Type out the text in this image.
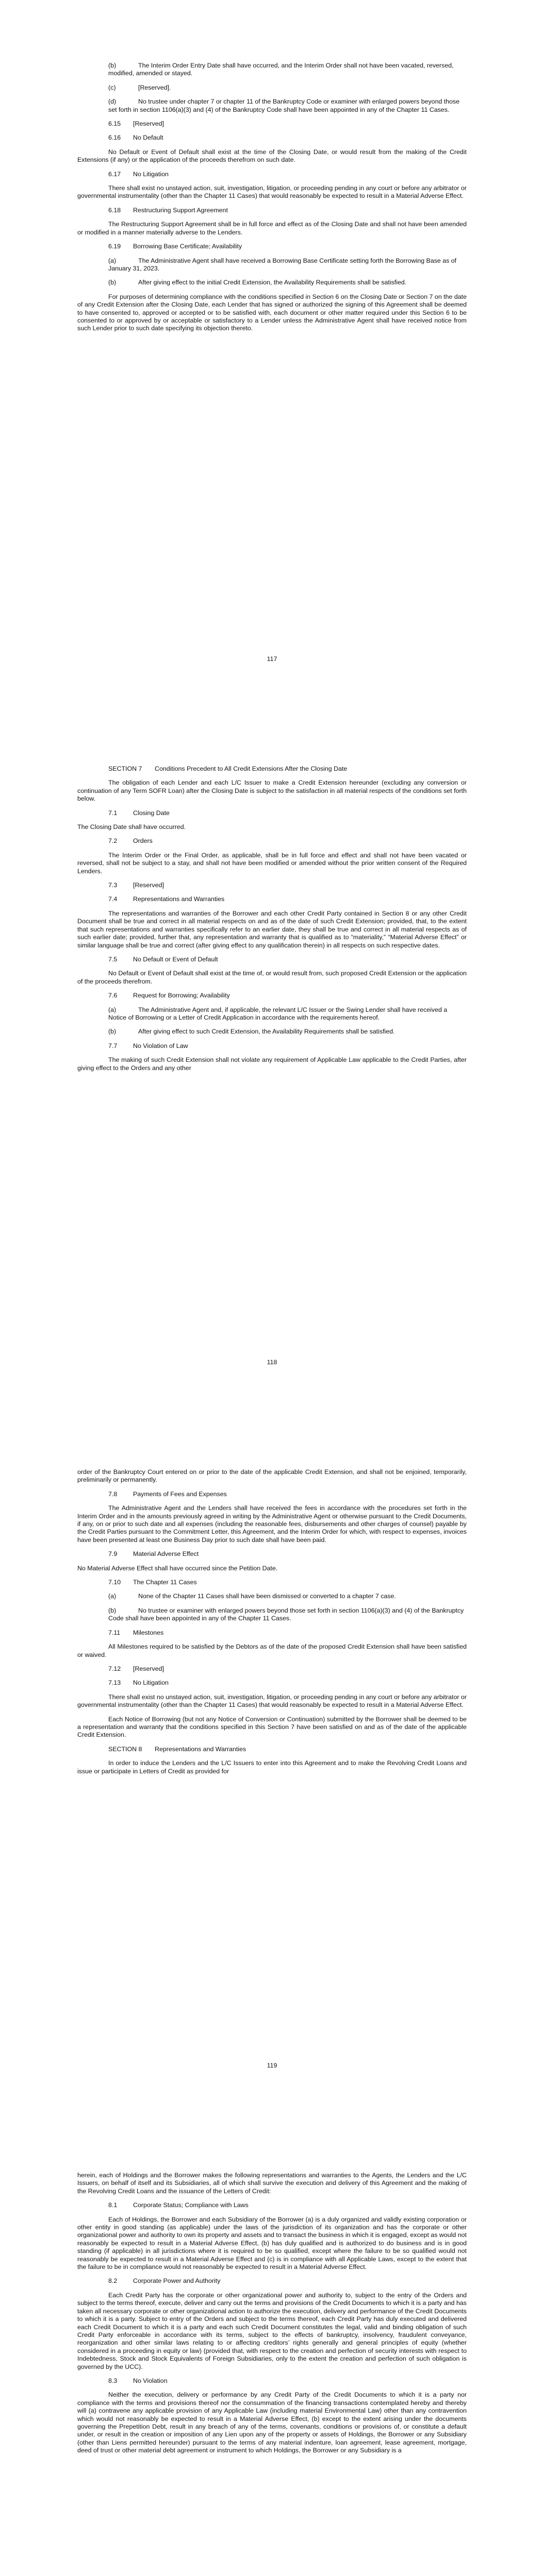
(b)	The Interim Order Entry Date shall have occurred, and the Interim Order shall not have been vacated, reversed, modified, amended or stayed.
(c)	[Reserved].
(d)	No trustee under chapter 7 or chapter 11 of the Bankruptcy Code or examiner with enlarged powers beyond those set forth in section 1106(a)(3) and (4) of the Bankruptcy Code shall have been appointed in any of the Chapter 11 Cases.
6.15 [Reserved]
6.16 No Default

No Default or Event of Default shall exist at the time of the Closing Date, or would result from the making of the Credit Extensions (if any) or the application of the proceeds therefrom on such date.

6.17 No Litigation

There shall exist no unstayed action, suit, investigation, litigation, or proceeding pending in any court or before any arbitrator or governmental instrumentality (other than the Chapter 11 Cases) that would reasonably be expected to result in a Material Adverse Effect.

6.18 Restructuring Support Agreement

The Restructuring Support Agreement shall be in full force and effect as of the Closing Date and shall not have been amended or modified in a manner materially adverse to the Lenders.

6.19 Borrowing Base Certificate; Availability
(a)	The Administrative Agent shall have received a Borrowing Base Certificate setting forth the Borrowing Base as of January 31, 2023.
(b)	After giving effect to the initial Credit Extension, the Availability Requirements shall be satisfied.

For purposes of determining compliance with the conditions specified in Section 6 on the Closing Date or Section 7 on the date of any Credit Extension after the Closing Date, each Lender that has signed or authorized the signing of this Agreement shall be deemed to have consented to, approved or accepted or to be satisfied with, each document or other matter required under this Section 6 to be consented to or approved by or acceptable or satisfactory to a Lender unless the Administrative Agent shall have received notice from such Lender prior to such date specifying its objection thereto.

117
SECTION 7	Conditions Precedent to All Credit Extensions After the Closing Date

The obligation of each Lender and each L/C Issuer to make a Credit Extension hereunder (excluding any conversion or continuation of any Term SOFR Loan) after the Closing Date is subject to the satisfaction in all material respects of the conditions set forth below.

7.1 Closing Date

The Closing Date shall have occurred.

7.2 Orders

The Interim Order or the Final Order, as applicable, shall be in full force and effect and shall not have been vacated or reversed, shall not be subject to a stay, and shall not have been modified or amended without the prior written consent of the Required Lenders.

7.3 [Reserved]
7.4 Representations and Warranties

The representations and warranties of the Borrower and each other Credit Party contained in Section 8 or any other Credit Document shall be true and correct in all material respects on and as of the date of such Credit Extension; provided, that, to the extent that such representations and warranties specifically refer to an earlier date, they shall be true and correct in all material respects as of such earlier date; provided, further that, any representation and warranty that is qualified as to “materiality,” “Material Adverse Effect” or similar language shall be true and correct (after giving effect to any qualification therein) in all respects on such respective dates.

7.5 No Default or Event of Default

No Default or Event of Default shall exist at the time of, or would result from, such proposed Credit Extension or the application of the proceeds therefrom.

7.6 Request for Borrowing; Availability
(a)	The Administrative Agent and, if applicable, the relevant L/C Issuer or the Swing Lender shall have received a Notice of Borrowing or a Letter of Credit Application in accordance with the requirements hereof.
(b)	After giving effect to such Credit Extension, the Availability Requirements shall be satisfied.
7.7 No Violation of Law

The making of such Credit Extension shall not violate any requirement of Applicable Law applicable to the Credit Parties, after giving effect to the Orders and any other

118

order of the Bankruptcy Court entered on or prior to the date of the applicable Credit Extension, and shall not be enjoined, temporarily, preliminarily or permanently.

7.8 Payments of Fees and Expenses

The Administrative Agent and the Lenders shall have received the fees in accordance with the procedures set forth in the Interim Order and in the amounts previously agreed in writing by the Administrative Agent or otherwise pursuant to the Credit Documents, if any, on or prior to such date and all expenses (including the reasonable fees, disbursements and other charges of counsel) payable by the Credit Parties pursuant to the Commitment Letter, this Agreement, and the Interim Order for which, with respect to expenses, invoices have been presented at least one Business Day prior to such date shall have been paid.

7.9 Material Adverse Effect

No Material Adverse Effect shall have occurred since the Petition Date.

7.10 The Chapter 11 Cases
(a)	None of the Chapter 11 Cases shall have been dismissed or converted to a chapter 7 case.
(b)	No trustee or examiner with enlarged powers beyond those set forth in section 1106(a)(3) and (4) of the Bankruptcy Code shall have been appointed in any of the Chapter 11 Cases.
7.11 Milestones

All Milestones required to be satisfied by the Debtors as of the date of the proposed Credit Extension shall have been satisfied or waived.

7.12 [Reserved]
7.13 No Litigation

There shall exist no unstayed action, suit, investigation, litigation, or proceeding pending in any court or before any arbitrator or governmental instrumentality (other than the Chapter 11 Cases) that would reasonably be expected to result in a Material Adverse Effect.

Each Notice of Borrowing (but not any Notice of Conversion or Continuation) submitted by the Borrower shall be deemed to be a representation and warranty that the conditions specified in this Section 7 have been satisfied on and as of the date of the applicable Credit Extension.

SECTION 8	Representations and Warranties

In order to induce the Lenders and the L/C Issuers to enter into this Agreement and to make the Revolving Credit Loans and issue or participate in Letters of Credit as provided for

119

herein, each of Holdings and the Borrower makes the following representations and warranties to the Agents, the Lenders and the L/C Issuers, on behalf of itself and its Subsidiaries, all of which shall survive the execution and delivery of this Agreement and the making of the Revolving Credit Loans and the issuance of the Letters of Credit:

8.1 Corporate Status; Compliance with Laws

Each of Holdings, the Borrower and each Subsidiary of the Borrower (a) is a duly organized and validly existing corporation or other entity in good standing (as applicable) under the laws of the jurisdiction of its organization and has the corporate or other organizational power and authority to own its property and assets and to transact the business in which it is engaged, except as would not reasonably be expected to result in a Material Adverse Effect, (b) has duly qualified and is authorized to do business and is in good standing (if applicable) in all jurisdictions where it is required to be so qualified, except where the failure to be so qualified would not reasonably be expected to result in a Material Adverse Effect and (c) is in compliance with all Applicable Laws, except to the extent that the failure to be in compliance would not reasonably be expected to result in a Material Adverse Effect.

8.2 Corporate Power and Authority

Each Credit Party has the corporate or other organizational power and authority to, subject to the entry of the Orders and subject to the terms thereof, execute, deliver and carry out the terms and provisions of the Credit Documents to which it is a party and has taken all necessary corporate or other organizational action to authorize the execution, delivery and performance of the Credit Documents to which it is a party. Subject to entry of the Orders and subject to the terms thereof, each Credit Party has duly executed and delivered each Credit Document to which it is a party and each such Credit Document constitutes the legal, valid and binding obligation of such Credit Party enforceable in accordance with its terms, subject to the effects of bankruptcy, insolvency, fraudulent conveyance, reorganization and other similar laws relating to or affecting creditors’ rights generally and general principles of equity (whether considered in a proceeding in equity or law) (provided that, with respect to the creation and perfection of security interests with respect to Indebtedness, Stock and Stock Equivalents of Foreign Subsidiaries, only to the extent the creation and perfection of such obligation is governed by the UCC).

8.3 No Violation

Neither the execution, delivery or performance by any Credit Party of the Credit Documents to which it is a party nor compliance with the terms and provisions thereof nor the consummation of the financing transactions contemplated hereby and thereby will (a) contravene any applicable provision of any Applicable Law (including material Environmental Law) other than any contravention which would not reasonably be expected to result in a Material Adverse Effect, (b) except to the extent arising under the documents governing the Prepetition Debt, result in any breach of any of the terms, covenants, conditions or provisions of, or constitute a default under, or result in the creation or imposition of any Lien upon any of the property or assets of Holdings, the Borrower or any Subsidiary (other than Liens permitted hereunder) pursuant to the terms of any material indenture, loan agreement, lease agreement, mortgage, deed of trust or other material debt agreement or instrument to which Holdings, the Borrower or any Subsidiary is a
